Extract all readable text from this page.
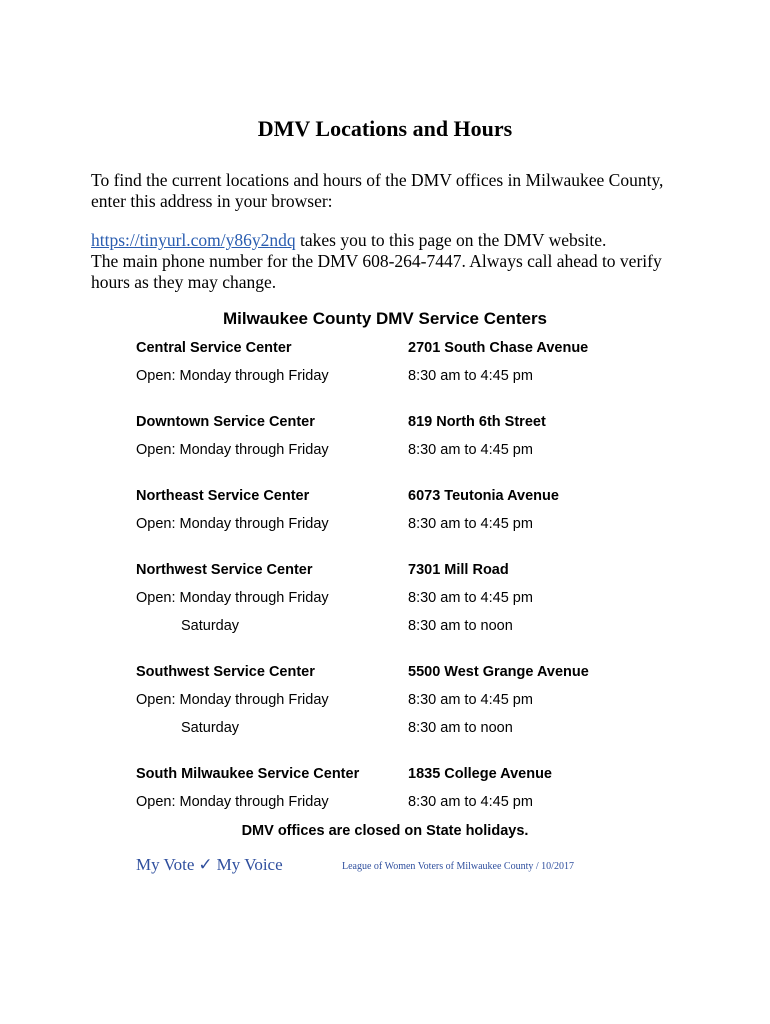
DMV Locations and Hours
To find the current locations and hours of the DMV offices in Milwaukee County,
enter this address in your browser:
https://tinyurl.com/y86y2ndq takes you to this page on the DMV website.
The main phone number for the DMV 608-264-7447. Always call ahead to verify
hours as they may change.
Milwaukee County DMV Service Centers
Central Service Center	2701 South Chase Avenue
Open: Monday through Friday	8:30 am to 4:45 pm
Downtown Service Center	819 North 6th Street
Open: Monday through Friday	8:30 am to 4:45 pm
Northeast Service Center	6073 Teutonia Avenue
Open: Monday through Friday	8:30 am to 4:45 pm
Northwest Service Center	7301 Mill Road
Open: Monday through Friday	8:30 am to 4:45 pm
Saturday	8:30 am to noon
Southwest Service Center	5500 West Grange Avenue
Open: Monday through Friday	8:30 am to 4:45 pm
Saturday	8:30 am to noon
South Milwaukee Service Center	1835 College Avenue
Open: Monday through Friday	8:30 am to 4:45 pm
DMV offices are closed on State holidays.
My Vote ✓ My Voice	League of Women Voters of Milwaukee County / 10/2017
